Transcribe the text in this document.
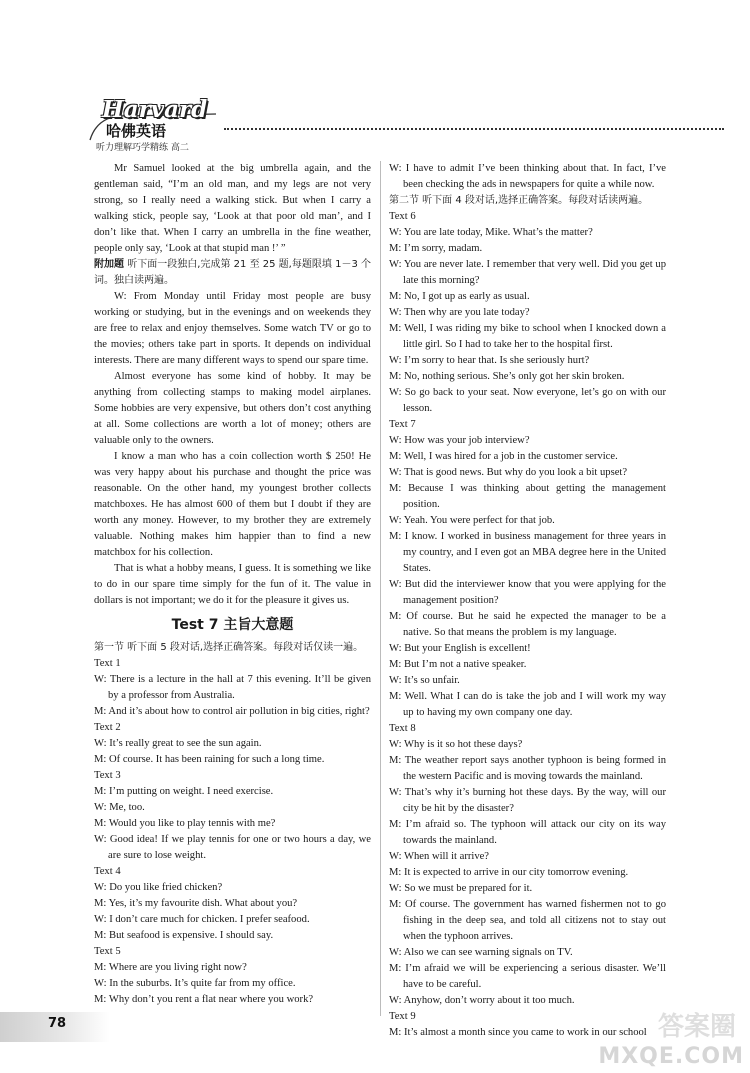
Harvard
哈佛英语
听力理解巧学精练 高二

Mr Samuel looked at the big umbrella again, and the gentleman said, “I’m an old man, and my legs are not very strong, so I really need a walking stick. But when I carry a walking stick, people say, ‘Look at that poor old man’, and I don’t like that. When I carry an umbrella in the fine weather, people only say, ‘Look at that stupid man !’ ”

附加题 听下面一段独白,完成第 21 至 25 题,每题限填 1－3 个词。独白读两遍。

W: From Monday until Friday most people are busy working or studying, but in the evenings and on weekends they are free to relax and enjoy themselves. Some watch TV or go to the movies; others take part in sports. It depends on individual interests. There are many different ways to spend our spare time.

Almost everyone has some kind of hobby. It may be anything from collecting stamps to making model airplanes. Some hobbies are very expensive, but others don’t cost anything at all. Some collections are worth a lot of money; others are valuable only to the owners.

I know a man who has a coin collection worth $ 250! He was very happy about his purchase and thought the price was reasonable. On the other hand, my youngest brother collects matchboxes. He has almost 600 of them but I doubt if they are worth any money. However, to my brother they are extremely valuable. Nothing makes him happier than to find a new matchbox for his collection.

That is what a hobby means, I guess. It is something we like to do in our spare time simply for the fun of it. The value in dollars is not important; we do it for the pleasure it gives us.

Test 7 主旨大意题

第一节 听下面 5 段对话,选择正确答案。每段对话仅读一遍。

Text 1

W: There is a lecture in the hall at 7 this evening. It’ll be given by a professor from Australia.

M: And it’s about how to control air pollution in big cities, right?

Text 2

W: It’s really great to see the sun again.

M: Of course. It has been raining for such a long time.

Text 3

M: I’m putting on weight. I need exercise.

W: Me, too.

M: Would you like to play tennis with me?

W: Good idea! If we play tennis for one or two hours a day, we are sure to lose weight.

Text 4

W: Do you like fried chicken?

M: Yes, it’s my favourite dish. What about you?

W: I don’t care much for chicken. I prefer seafood.

M: But seafood is expensive. I should say.

Text 5

M: Where are you living right now?

W: In the suburbs. It’s quite far from my office.

M: Why don’t you rent a flat near where you work?

W: I have to admit I’ve been thinking about that. In fact, I’ve been checking the ads in newspapers for quite a while now.

第二节 听下面 4 段对话,选择正确答案。每段对话读两遍。

Text 6

W: You are late today, Mike. What’s the matter?

M: I’m sorry, madam.

W: You are never late. I remember that very well. Did you get up late this morning?

M: No, I got up as early as usual.

W: Then why are you late today?

M: Well, I was riding my bike to school when I knocked down a little girl. So I had to take her to the hospital first.

W: I’m sorry to hear that. Is she seriously hurt?

M: No, nothing serious. She’s only got her skin broken.

W: So go back to your seat. Now everyone, let’s go on with our lesson.

Text 7

W: How was your job interview?

M: Well, I was hired for a job in the customer service.

W: That is good news. But why do you look a bit upset?

M: Because I was thinking about getting the management position.

W: Yeah. You were perfect for that job.

M: I know. I worked in business management for three years in my country, and I even got an MBA degree here in the United States.

W: But did the interviewer know that you were applying for the management position?

M: Of course. But he said he expected the manager to be a native. So that means the problem is my language.

W: But your English is excellent!

M: But I’m not a native speaker.

W: It’s so unfair.

M: Well. What I can do is take the job and I will work my way up to having my own company one day.

Text 8

W: Why is it so hot these days?

M: The weather report says another typhoon is being formed in the western Pacific and is moving towards the mainland.

W: That’s why it’s burning hot these days. By the way, will our city be hit by the disaster?

M: I’m afraid so. The typhoon will attack our city on its way towards the mainland.

W: When will it arrive?

M: It is expected to arrive in our city tomorrow evening.

W: So we must be prepared for it.

M: Of course. The government has warned fishermen not to go fishing in the deep sea, and told all citizens not to stay out when the typhoon arrives.

W: Also we can see warning signals on TV.

M: I’m afraid we will be experiencing a serious disaster. We’ll have to be careful.

W: Anyhow, don’t worry about it too much.

Text 9

M: It’s almost a month since you came to work in our school

78	答案圈
MXQE.COM
